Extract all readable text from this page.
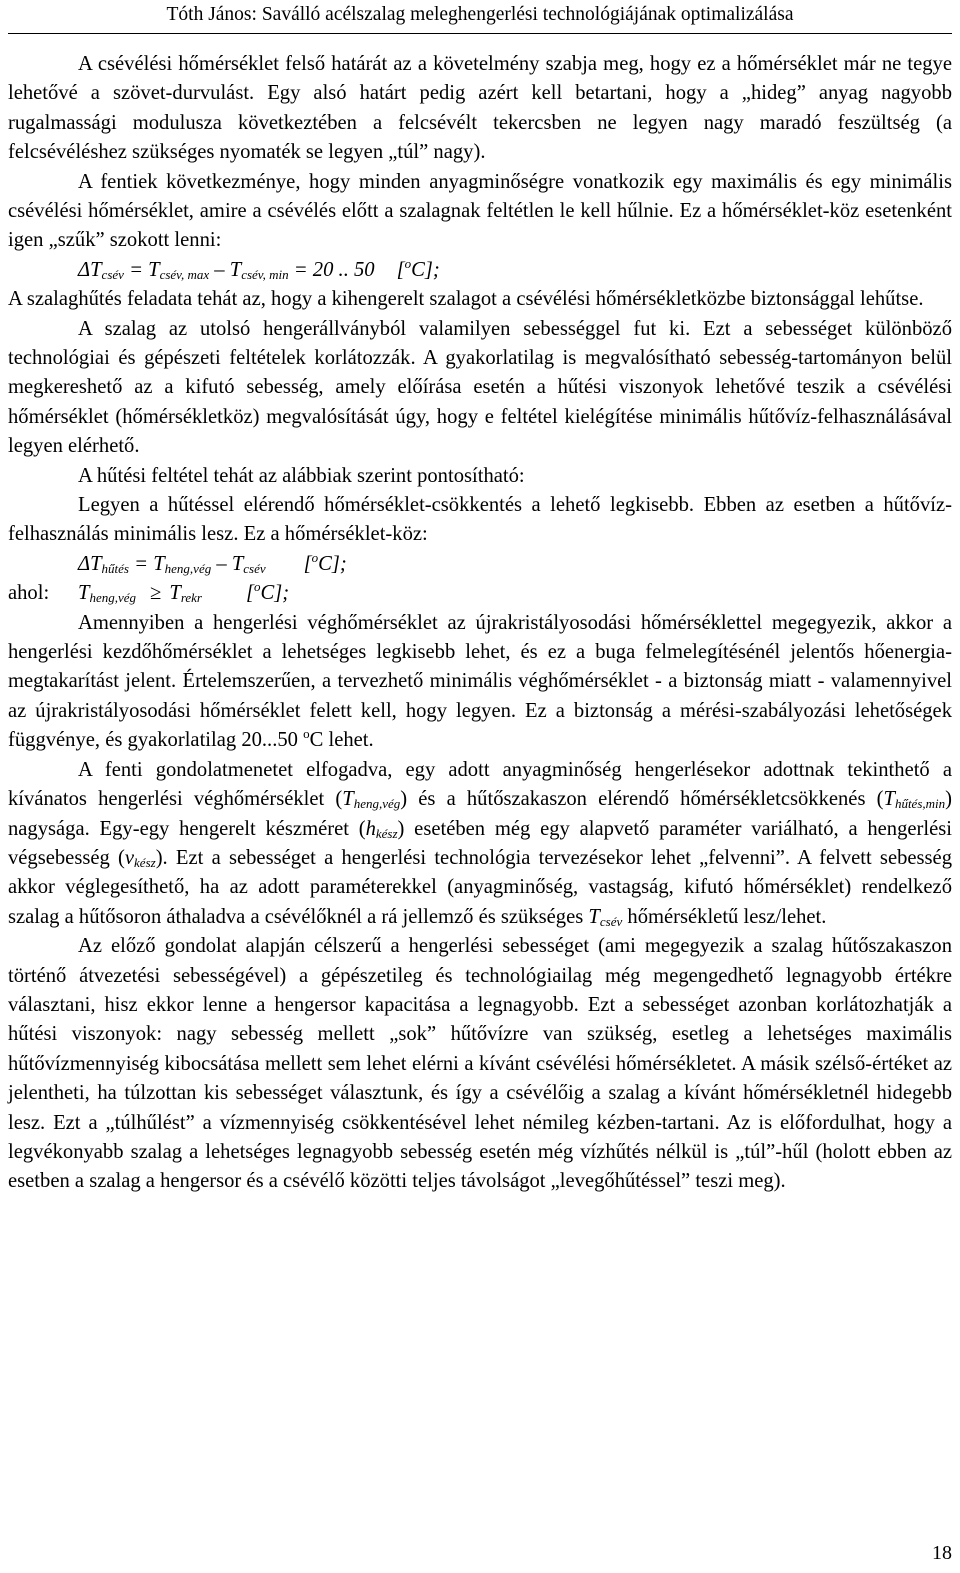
Tóth János: Saválló acélszalag meleghengerlési technológiájának optimalizálása

A csévélési hőmérséklet felső határát az a követelmény szabja meg, hogy ez a hőmérséklet már ne tegye lehetővé a szövet-durvulást. Egy alsó határt pedig azért kell betartani, hogy a „hideg” anyag nagyobb rugalmassági modulusza következtében a felcsévélt tekercsben ne legyen nagy maradó feszültség (a felcsévéléshez szükséges nyomaték se legyen „túl” nagy).

A fentiek következménye, hogy minden anyagminőségre vonatkozik egy maximális és egy minimális csévélési hőmérséklet, amire a csévélés előtt a szalagnak feltétlen le kell hűlnie. Ez a hőmérséklet-köz esetenként igen „szűk” szokott lenni:

$\Delta T_{csév} = T_{csév, max} - T_{csév, min} = 20$ .. 50 [$^o$C];

A szalaghűtés feladata tehát az, hogy a kihengerelt szalagot a csévélési hőmérsékletközbe biztonsággal lehűtse.

A szalag az utolsó hengerállványból valamilyen sebességgel fut ki. Ezt a sebességet különböző technológiai és gépészeti feltételek korlátozzák. A gyakorlatilag is megvalósítható sebesség-tartományon belül megkereshető az a kifutó sebesség, amely előírása esetén a hűtési viszonyok lehetővé teszik a csévélési hőmérséklet (hőmérsékletköz) megvalósítását úgy, hogy e feltétel kielégítése minimális hűtővíz-felhasználásával legyen elérhető.

A hűtési feltétel tehát az alábbiak szerint pontosítható:

Legyen a hűtéssel elérendő hőmérséklet-csökkentés a lehető legkisebb. Ebben az esetben a hűtővíz-felhasználás minimális lesz. Ez a hőmérséklet-köz:

$\Delta T_{hűtés} = T_{heng,vég} - T_{csév}$ [$^o$C];
ahol: $T_{heng,vég} \ge T_{rekr}$ [$^o$C];

Amennyiben a hengerlési véghőmérséklet az újrakristályosodási hőmérséklettel megegyezik, akkor a hengerlési kezdőhőmérséklet a lehetséges legkisebb lehet, és ez a buga felmelegítésénél jelentős hőenergia-megtakarítást jelent. Értelemszerűen, a tervezhető minimális véghőmérséklet - a biztonság miatt - valamennyivel az újrakristályosodási hőmérséklet felett kell, hogy legyen. Ez a biztonság a mérési-szabályozási lehetőségek függvénye, és gyakorlatilag 20...50 $^o$C lehet.

A fenti gondolatmenetet elfogadva, egy adott anyagminőség hengerlésekor adottnak tekinthető a kívánatos hengerlési véghőmérséklet $(T_{heng,vég})$ és a hűtőszakaszon elérendő hőmérsékletcsökkenés $(T_{hűtés,min})$ nagysága. Egy-egy hengerelt készméret $(h_{kész})$ esetében még egy alapvető paraméter variálható, a hengerlési végsebesség $(v_{kész})$. Ezt a sebességet a hengerlési technológia tervezésekor lehet „felvenni”. A felvett sebesség akkor véglegesíthető, ha az adott paraméterekkel (anyagminőség, vastagság, kifutó hőmérséklet) rendelkező szalag a hűtősoron áthaladva a csévélőknél a rá jellemző és szükséges $T_{csév}$ hőmérsékletű lesz/lehet.

Az előző gondolat alapján célszerű a hengerlési sebességet (ami megegyezik a szalag hűtőszakaszon történő átvezetési sebességével) a gépészetileg és technológiailag még megengedhető legnagyobb értékre választani, hisz ekkor lenne a hengersor kapacitása a legnagyobb. Ezt a sebességet azonban korlátozhatják a hűtési viszonyok: nagy sebesség mellett „sok” hűtővízre van szükség, esetleg a lehetséges maximális hűtővízmennyiség kibocsátása mellett sem lehet elérni a kívánt csévélési hőmérsékletet. A másik szélső-értéket az jelentheti, ha túlzottan kis sebességet választunk, és így a csévélőig a szalag a kívánt hőmérsékletnél hidegebb lesz. Ezt a „túlhűlést” a vízmennyiség csökkentésével lehet némileg kézben-tartani. Az is előfordulhat, hogy a legvékonyabb szalag a lehetséges legnagyobb sebesség esetén még vízhűtés nélkül is „túl”-hűl (holott ebben az esetben a szalag a hengersor és a csévélő közötti teljes távolságot „levegőhűtéssel” teszi meg).

18
